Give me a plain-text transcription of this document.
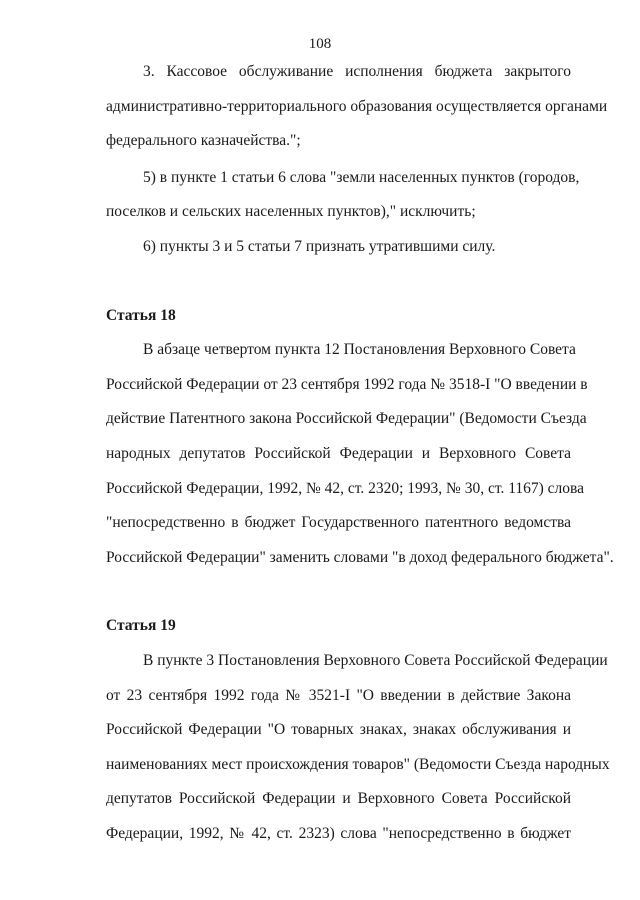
108
3. Кассовое обслуживание исполнения бюджета закрытого
административно-территориального образования осуществляется органами
федерального казначейства.";
5) в пункте 1 статьи 6 слова "земли населенных пунктов (городов,
поселков и сельских населенных пунктов)," исключить;
6) пункты 3 и 5 статьи 7 признать утратившими силу.

Статья 18

В абзаце четвертом пункта 12 Постановления Верховного Совета
Российской Федерации от 23 сентября 1992 года № 3518-I "О введении в
действие Патентного закона Российской Федерации" (Ведомости Съезда
народных депутатов Российской Федерации и Верховного Совета
Российской Федерации, 1992, № 42, ст. 2320; 1993, № 30, ст. 1167) слова
"непосредственно в бюджет Государственного патентного ведомства
Российской Федерации" заменить словами "в доход федерального бюджета".

Статья 19

В пункте 3 Постановления Верховного Совета Российской Федерации
от 23 сентября 1992 года № 3521-I "О введении в действие Закона
Российской Федерации "О товарных знаках, знаках обслуживания и
наименованиях мест происхождения товаров" (Ведомости Съезда народных
депутатов Российской Федерации и Верховного Совета Российской
Федерации, 1992, № 42, ст. 2323) слова "непосредственно в бюджет
